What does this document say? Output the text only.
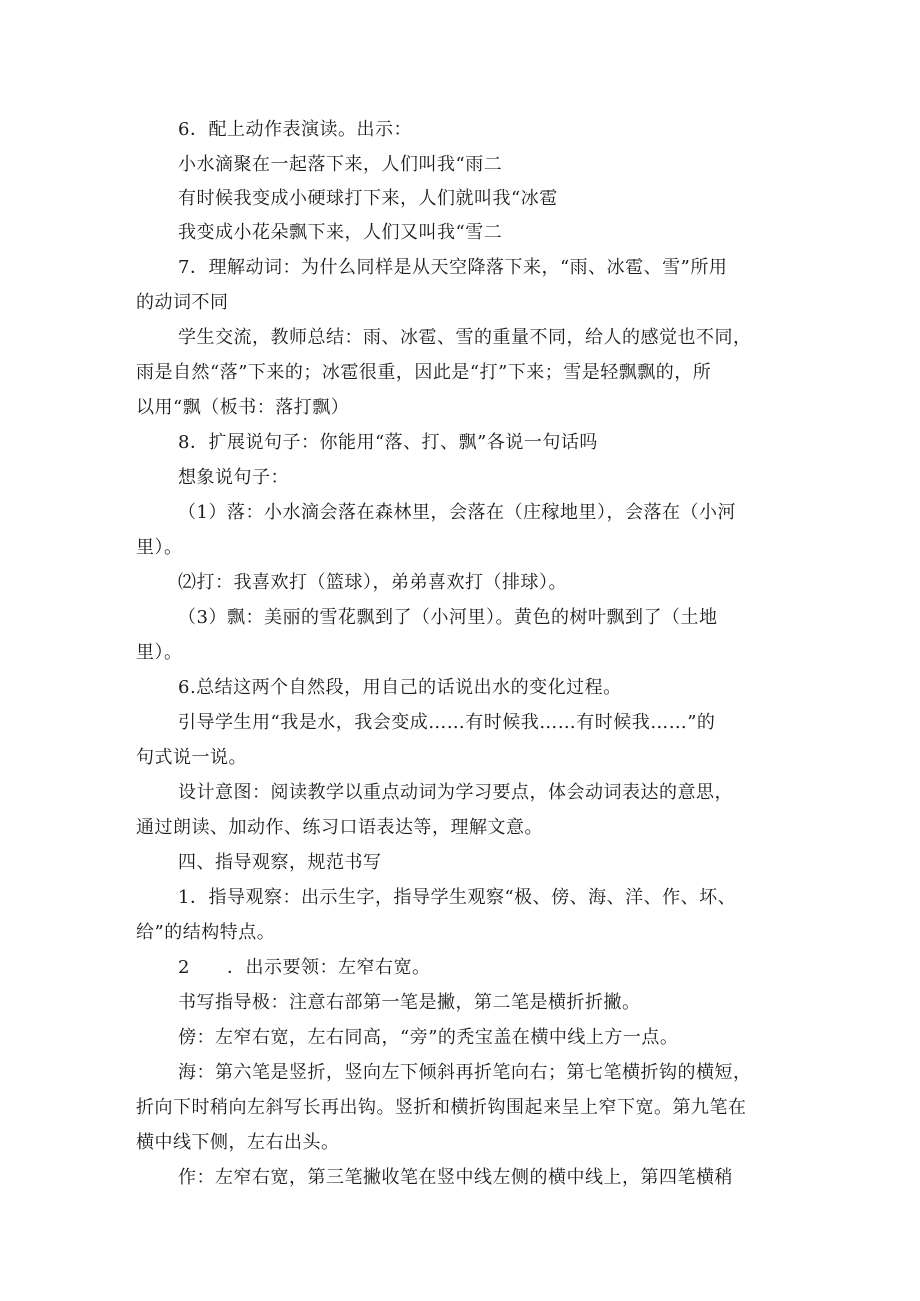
6．配上动作表演读。出示：
小水滴聚在一起落下来，人们叫我“雨二
有时候我变成小硬球打下来，人们就叫我“冰雹
我变成小花朵飘下来，人们又叫我“雪二
7．理解动词：为什么同样是从天空降落下来，“雨、冰雹、雪”所用
的动词不同
学生交流，教师总结：雨、冰雹、雪的重量不同，给人的感觉也不同，
雨是自然“落”下来的；冰雹很重，因此是“打”下来；雪是轻飘飘的，所
以用“飘（板书：落打飘）
8．扩展说句子：你能用“落、打、飘”各说一句话吗
想象说句子：
（1）落：小水滴会落在森林里，会落在（庄稼地里），会落在（小河
里）。
⑵打：我喜欢打（篮球），弟弟喜欢打（排球）。
（3）飘：美丽的雪花飘到了（小河里）。黄色的树叶飘到了（土地
里）。
6.总结这两个自然段，用自己的话说出水的变化过程。
引导学生用“我是水，我会变成……有时候我……有时候我……”的
句式说一说。
设计意图：阅读教学以重点动词为学习要点，体会动词表达的意思，
通过朗读、加动作、练习口语表达等，理解文意。
四、指导观察，规范书写
1．指导观察：出示生字，指导学生观察“极、傍、海、洋、作、坏、
给”的结构特点。
2　　．出示要领：左窄右宽。
书写指导极：注意右部第一笔是撇，第二笔是横折折撇。
傍：左窄右宽，左右同高，“旁”的秃宝盖在横中线上方一点。
海：第六笔是竖折，竖向左下倾斜再折笔向右；第七笔横折钩的横短，
折向下时稍向左斜写长再出钩。竖折和横折钩围起来呈上窄下宽。第九笔在
横中线下侧，左右出头。
作：左窄右宽，第三笔撇收笔在竖中线左侧的横中线上，第四笔横稍
